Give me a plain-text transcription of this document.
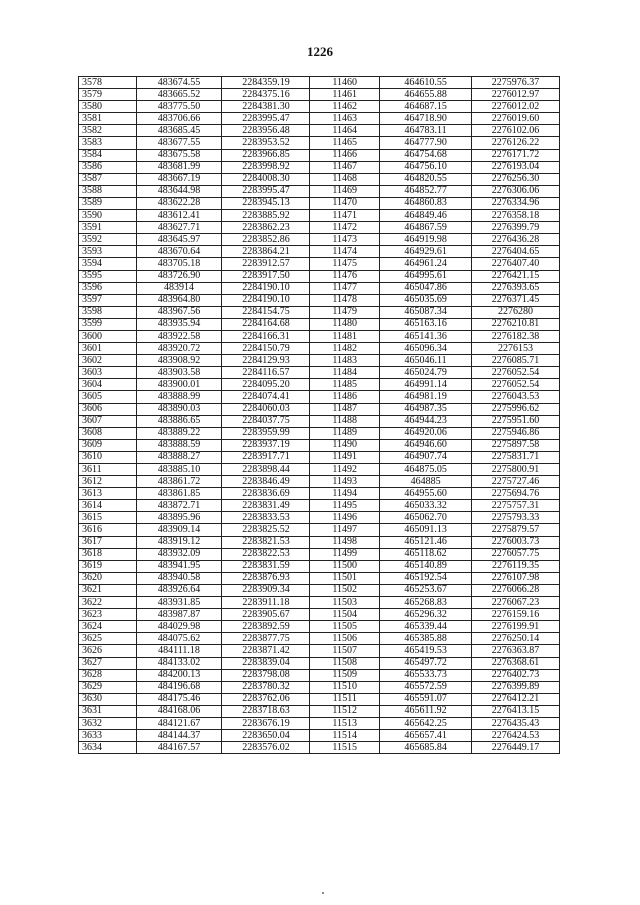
1226
3578	483674.55	2284359.19	11460	464610.55	2275976.37
3579	483665.52	2284375.16	11461	464655.88	2276012.97
3580	483775.50	2284381.30	11462	464687.15	2276012.02
3581	483706.66	2283995.47	11463	464718.90	2276019.60
3582	483685.45	2283956.48	11464	464783.11	2276102.06
3583	483677.55	2283953.52	11465	464777.90	2276126.22
3584	483675.58	2283966.85	11466	464754.68	2276171.72
3586	483681.99	2283998.92	11467	464756.10	2276193.04
3587	483667.19	2284008.30	11468	464820.55	2276256.30
3588	483644.98	2283995.47	11469	464852.77	2276306.06
3589	483622.28	2283945.13	11470	464860.83	2276334.96
3590	483612.41	2283885.92	11471	464849.46	2276358.18
3591	483627.71	2283862.23	11472	464867.59	2276399.79
3592	483645.97	2283852.86	11473	464919.98	2276436.28
3593	483670.64	2283864.21	11474	464929.61	2276404.65
3594	483705.18	2283912.57	11475	464961.24	2276407.40
3595	483726.90	2283917.50	11476	464995.61	2276421.15
3596	483914	2284190.10	11477	465047.86	2276393.65
3597	483964.80	2284190.10	11478	465035.69	2276371.45
3598	483967.56	2284154.75	11479	465087.34	2276280
3599	483935.94	2284164.68	11480	465163.16	2276210.81
3600	483922.58	2284166.31	11481	465141.36	2276182.38
3601	483920.72	2284150.79	11482	465096.34	2276153
3602	483908.92	2284129.93	11483	465046.11	2276085.71
3603	483903.58	2284116.57	11484	465024.79	2276052.54
3604	483900.01	2284095.20	11485	464991.14	2276052.54
3605	483888.99	2284074.41	11486	464981.19	2276043.53
3606	483890.03	2284060.03	11487	464987.35	2275996.62
3607	483886.65	2284037.75	11488	464944.23	2275951.60
3608	483889.22	2283959.99	11489	464920.06	2275946.86
3609	483888.59	2283937.19	11490	464946.60	2275897.58
3610	483888.27	2283917.71	11491	464907.74	2275831.71
3611	483885.10	2283898.44	11492	464875.05	2275800.91
3612	483861.72	2283846.49	11493	464885	2275727.46
3613	483861.85	2283836.69	11494	464955.60	2275694.76
3614	483872.71	2283831.49	11495	465033.32	2275757.31
3615	483895.96	2283833.53	11496	465062.70	2275793.33
3616	483909.14	2283825.52	11497	465091.13	2275879.57
3617	483919.12	2283821.53	11498	465121.46	2276003.73
3618	483932.09	2283822.53	11499	465118.62	2276057.75
3619	483941.95	2283831.59	11500	465140.89	2276119.35
3620	483940.58	2283876.93	11501	465192.54	2276107.98
3621	483926.64	2283909.34	11502	465253.67	2276066.28
3622	483931.85	2283911.18	11503	465268.83	2276067.23
3623	483987.87	2283905.67	11504	465296.32	2276159.16
3624	484029.98	2283892.59	11505	465339.44	2276199.91
3625	484075.62	2283877.75	11506	465385.88	2276250.14
3626	484111.18	2283871.42	11507	465419.53	2276363.87
3627	484133.02	2283839.04	11508	465497.72	2276368.61
3628	484200.13	2283798.08	11509	465533.73	2276402.73
3629	484196.68	2283780.32	11510	465572.59	2276399.89
3630	484175.46	2283762.06	11511	465591.07	2276412.21
3631	484168.06	2283718.63	11512	465611.92	2276413.15
3632	484121.67	2283676.19	11513	465642.25	2276435.43
3633	484144.37	2283650.04	11514	465657.41	2276424.53
3634	484167.57	2283576.02	11515	465685.84	2276449.17
